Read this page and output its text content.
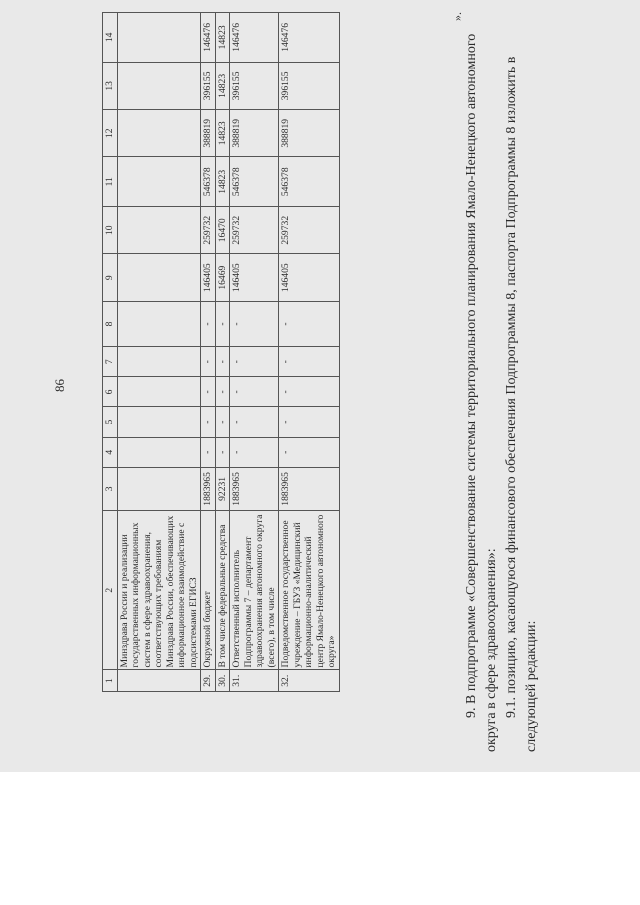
86
1	2	3	4	5	6	7	8	9	10	11	12	13	14
	Минздрава России и реализации государственных информационных систем в сфере здравоохранения, соответствующих требованиям Минздрава России, обеспечивающих информационное взаимодействие с подсистемами ЕГИСЗ												
29.	Окружной бюджет	1883965	-	-	-	-	-	146405	259732	546378	388819	396155	146476
30.	В том числе федеральные средства	92231	-	-	-	-	-	16469	16470	14823	14823	14823	14823
31.	Ответственный исполнитель Подпрограммы 7 – департамент здравоохранения автономного округа (всего), в том числе	1883965	-	-	-	-	-	146405	259732	546378	388819	396155	146476
32.	Подведомственное государственное учреждение – ГБУЗ «Медицинский информационно-аналитический центр Ямало-Ненецкого автономного округа»	1883965	-	-	-	-	-	146405	259732	546378	388819	396155	146476
».
9. В подпрограмме «Совершенствование системы территориального планирования Ямало-Ненецкого автономного округа в сфере здравоохранения»: 9.1. позицию, касающуюся финансового обеспечения Подпрограммы 8, паспорта Подпрограммы 8 изложить в следующей редакции:
